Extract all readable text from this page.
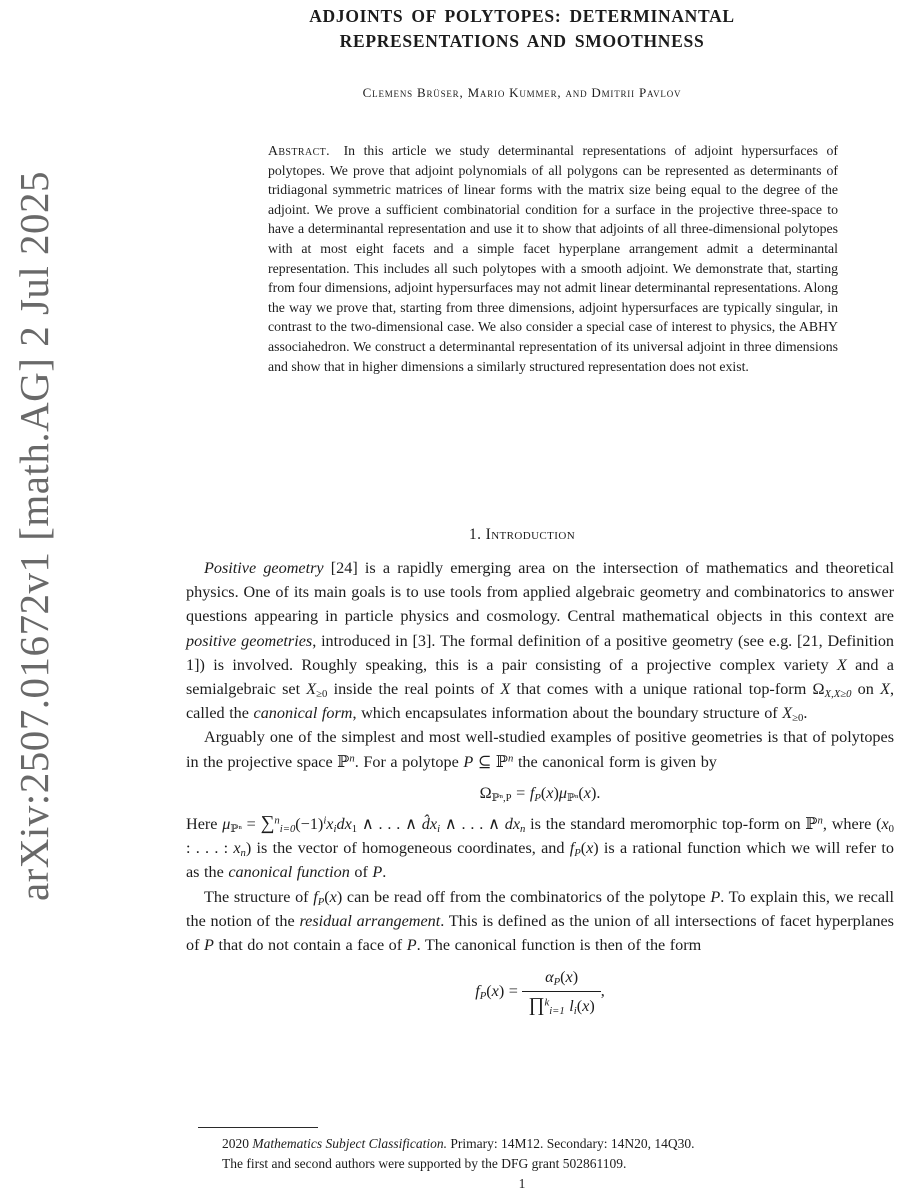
arXiv:2507.01672v1 [math.AG] 2 Jul 2025
ADJOINTS OF POLYTOPES: DETERMINANTAL
REPRESENTATIONS AND SMOOTHNESS
Clemens Brüser, Mario Kummer, and Dmitrii Pavlov
Abstract. In this article we study determinantal representations of adjoint hypersurfaces of polytopes. We prove that adjoint polynomials of all polygons can be represented as determinants of tridiagonal symmetric matrices of linear forms with the matrix size being equal to the degree of the adjoint. We prove a sufficient combinatorial condition for a surface in the projective three-space to have a determinantal representation and use it to show that adjoints of all three-dimensional polytopes with at most eight facets and a simple facet hyperplane arrangement admit a determinantal representation. This includes all such polytopes with a smooth adjoint. We demonstrate that, starting from four dimensions, adjoint hypersurfaces may not admit linear determinantal representations. Along the way we prove that, starting from three dimensions, adjoint hypersurfaces are typically singular, in contrast to the two-dimensional case. We also consider a special case of interest to physics, the ABHY associahedron. We construct a determinantal representation of its universal adjoint in three dimensions and show that in higher dimensions a similarly structured representation does not exist.
1. Introduction

Positive geometry [24] is a rapidly emerging area on the intersection of mathematics and theoretical physics. One of its main goals is to use tools from applied algebraic geometry and combinatorics to answer questions appearing in particle physics and cosmology. Central mathematical objects in this context are positive geometries, introduced in [3]. The formal definition of a positive geometry (see e.g. [21, Definition 1]) is involved. Roughly speaking, this is a pair consisting of a projective complex variety X and a semialgebraic set $X_{\ge 0}$ inside the real points of X that comes with a unique rational top-form $\Omega_{X,X\ge 0}$ on X, called the canonical form, which encapsulates information about the boundary structure of $X_{\ge 0}$.

Arguably one of the simplest and most well-studied examples of positive geometries is that of polytopes in the projective space ℙ$^n$. For a polytope P ⊆ ℙ$^n$ the canonical form is given by

$\Omega_{ℙ^n,P} = f_P(x)\mu_{ℙ^n}(x)$.

Here $\mu_{ℙ^n} = \sum^n_{i=0}(-1)^ix_idx_1$ ∧ . . . ∧ $d̂x_i$ ∧ . . . ∧ $dx_n$ is the standard meromorphic top-form on ℙ$^n$, where ($x_0$ : . . . : $x_n$) is the vector of homogeneous coordinates, and $f_P(x)$ is a rational function which we will refer to as the canonical function of P.

The structure of $f_P(x)$ can be read off from the combinatorics of the polytope P. To explain this, we recall the notion of the residual arrangement. This is defined as the union of all intersections of facet hyperplanes of P that do not contain a face of P. The canonical function is then of the form

$f_P(x) = \frac{\alpha_P(x)}{\prod^k_{i=1} l_i(x)}$ ,

2020 Mathematics Subject Classification. Primary: 14M12. Secondary: 14N20, 14Q30.

The first and second authors were supported by the DFG grant 502861109.

1
